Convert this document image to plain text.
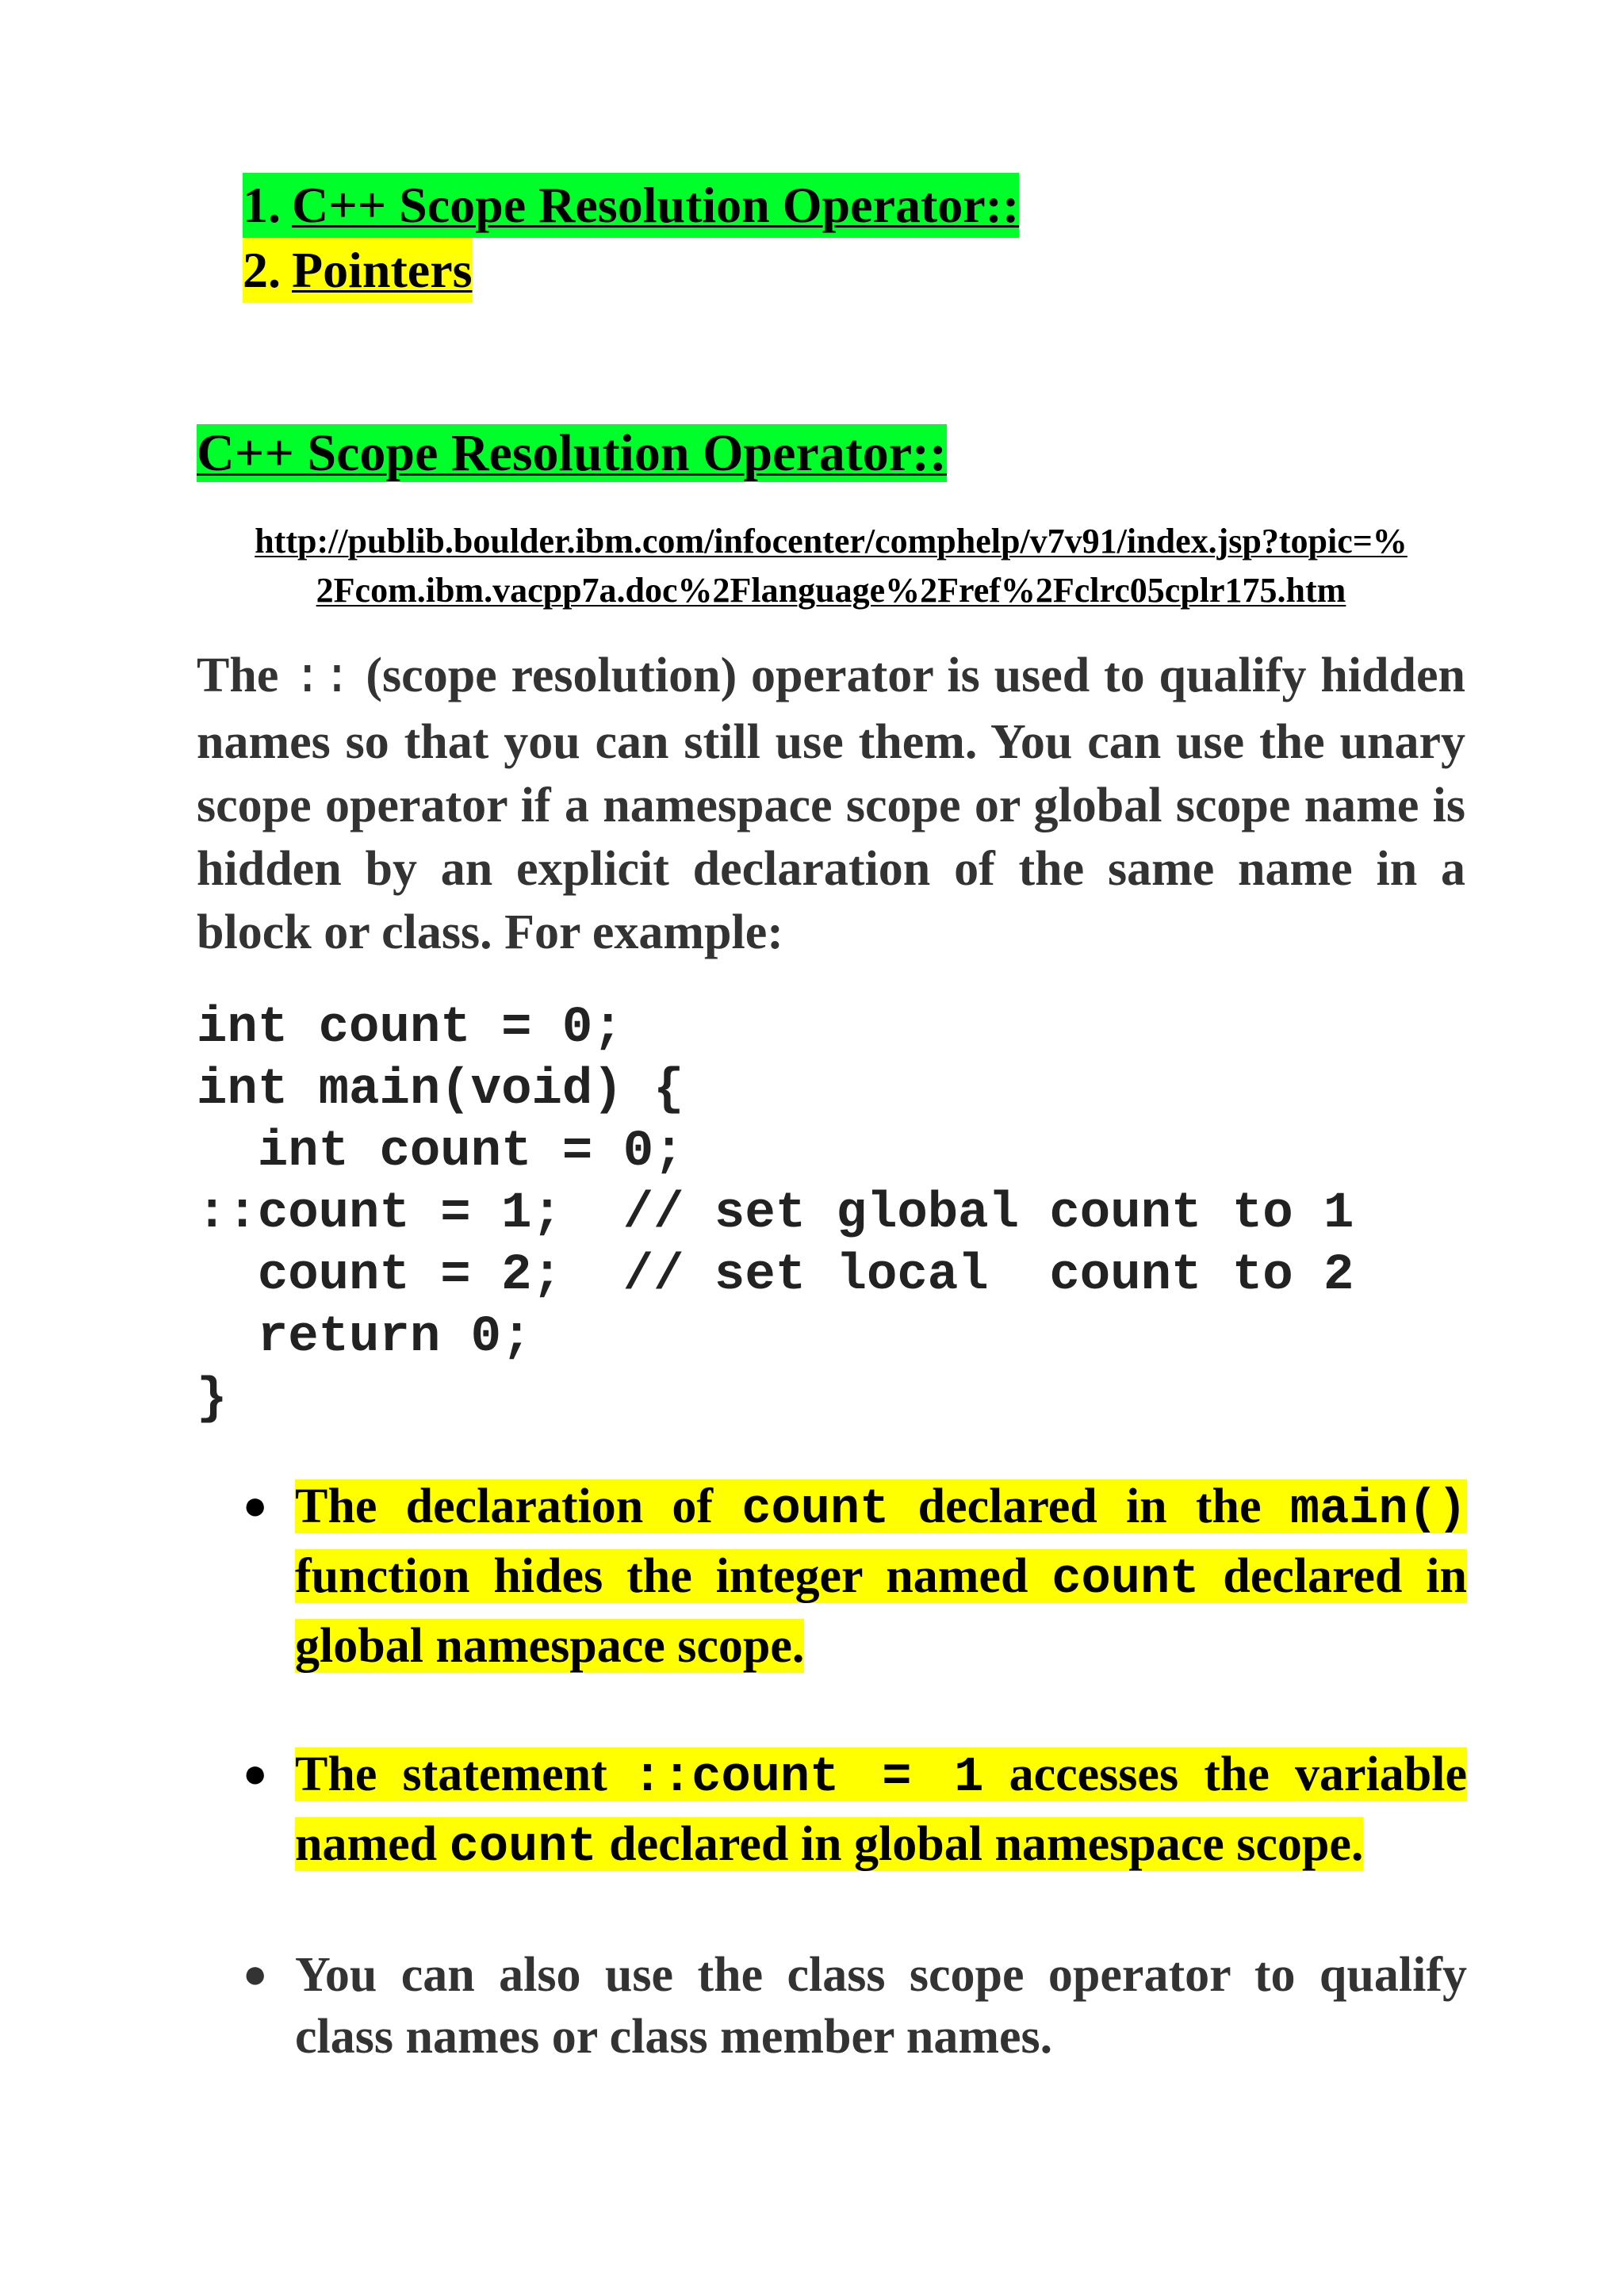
1. C++ Scope Resolution Operator::
2. Pointers
C++ Scope Resolution Operator::
http://publib.boulder.ibm.com/infocenter/comphelp/v7v91/index.jsp?topic=%
2Fcom.ibm.vacpp7a.doc%2Flanguage%2Fref%2Fclrc05cplr175.htm
The :: (scope resolution) operator is used to qualify hidden names so that you can still use them. You can use the unary scope operator if a namespace scope or global scope name is hidden by an explicit declaration of the same name in a block or class. For example:
int count = 0;
int main(void) {
int count = 0;
::count = 1;  // set global count to 1
count = 2;  // set local  count to 2
return 0;
}
● The declaration of count declared in the main() function hides the integer named count declared in global namespace scope.
● The statement ::count = 1 accesses the variable named count declared in global namespace scope.
● You can also use the class scope operator to qualify class names or class member names.
